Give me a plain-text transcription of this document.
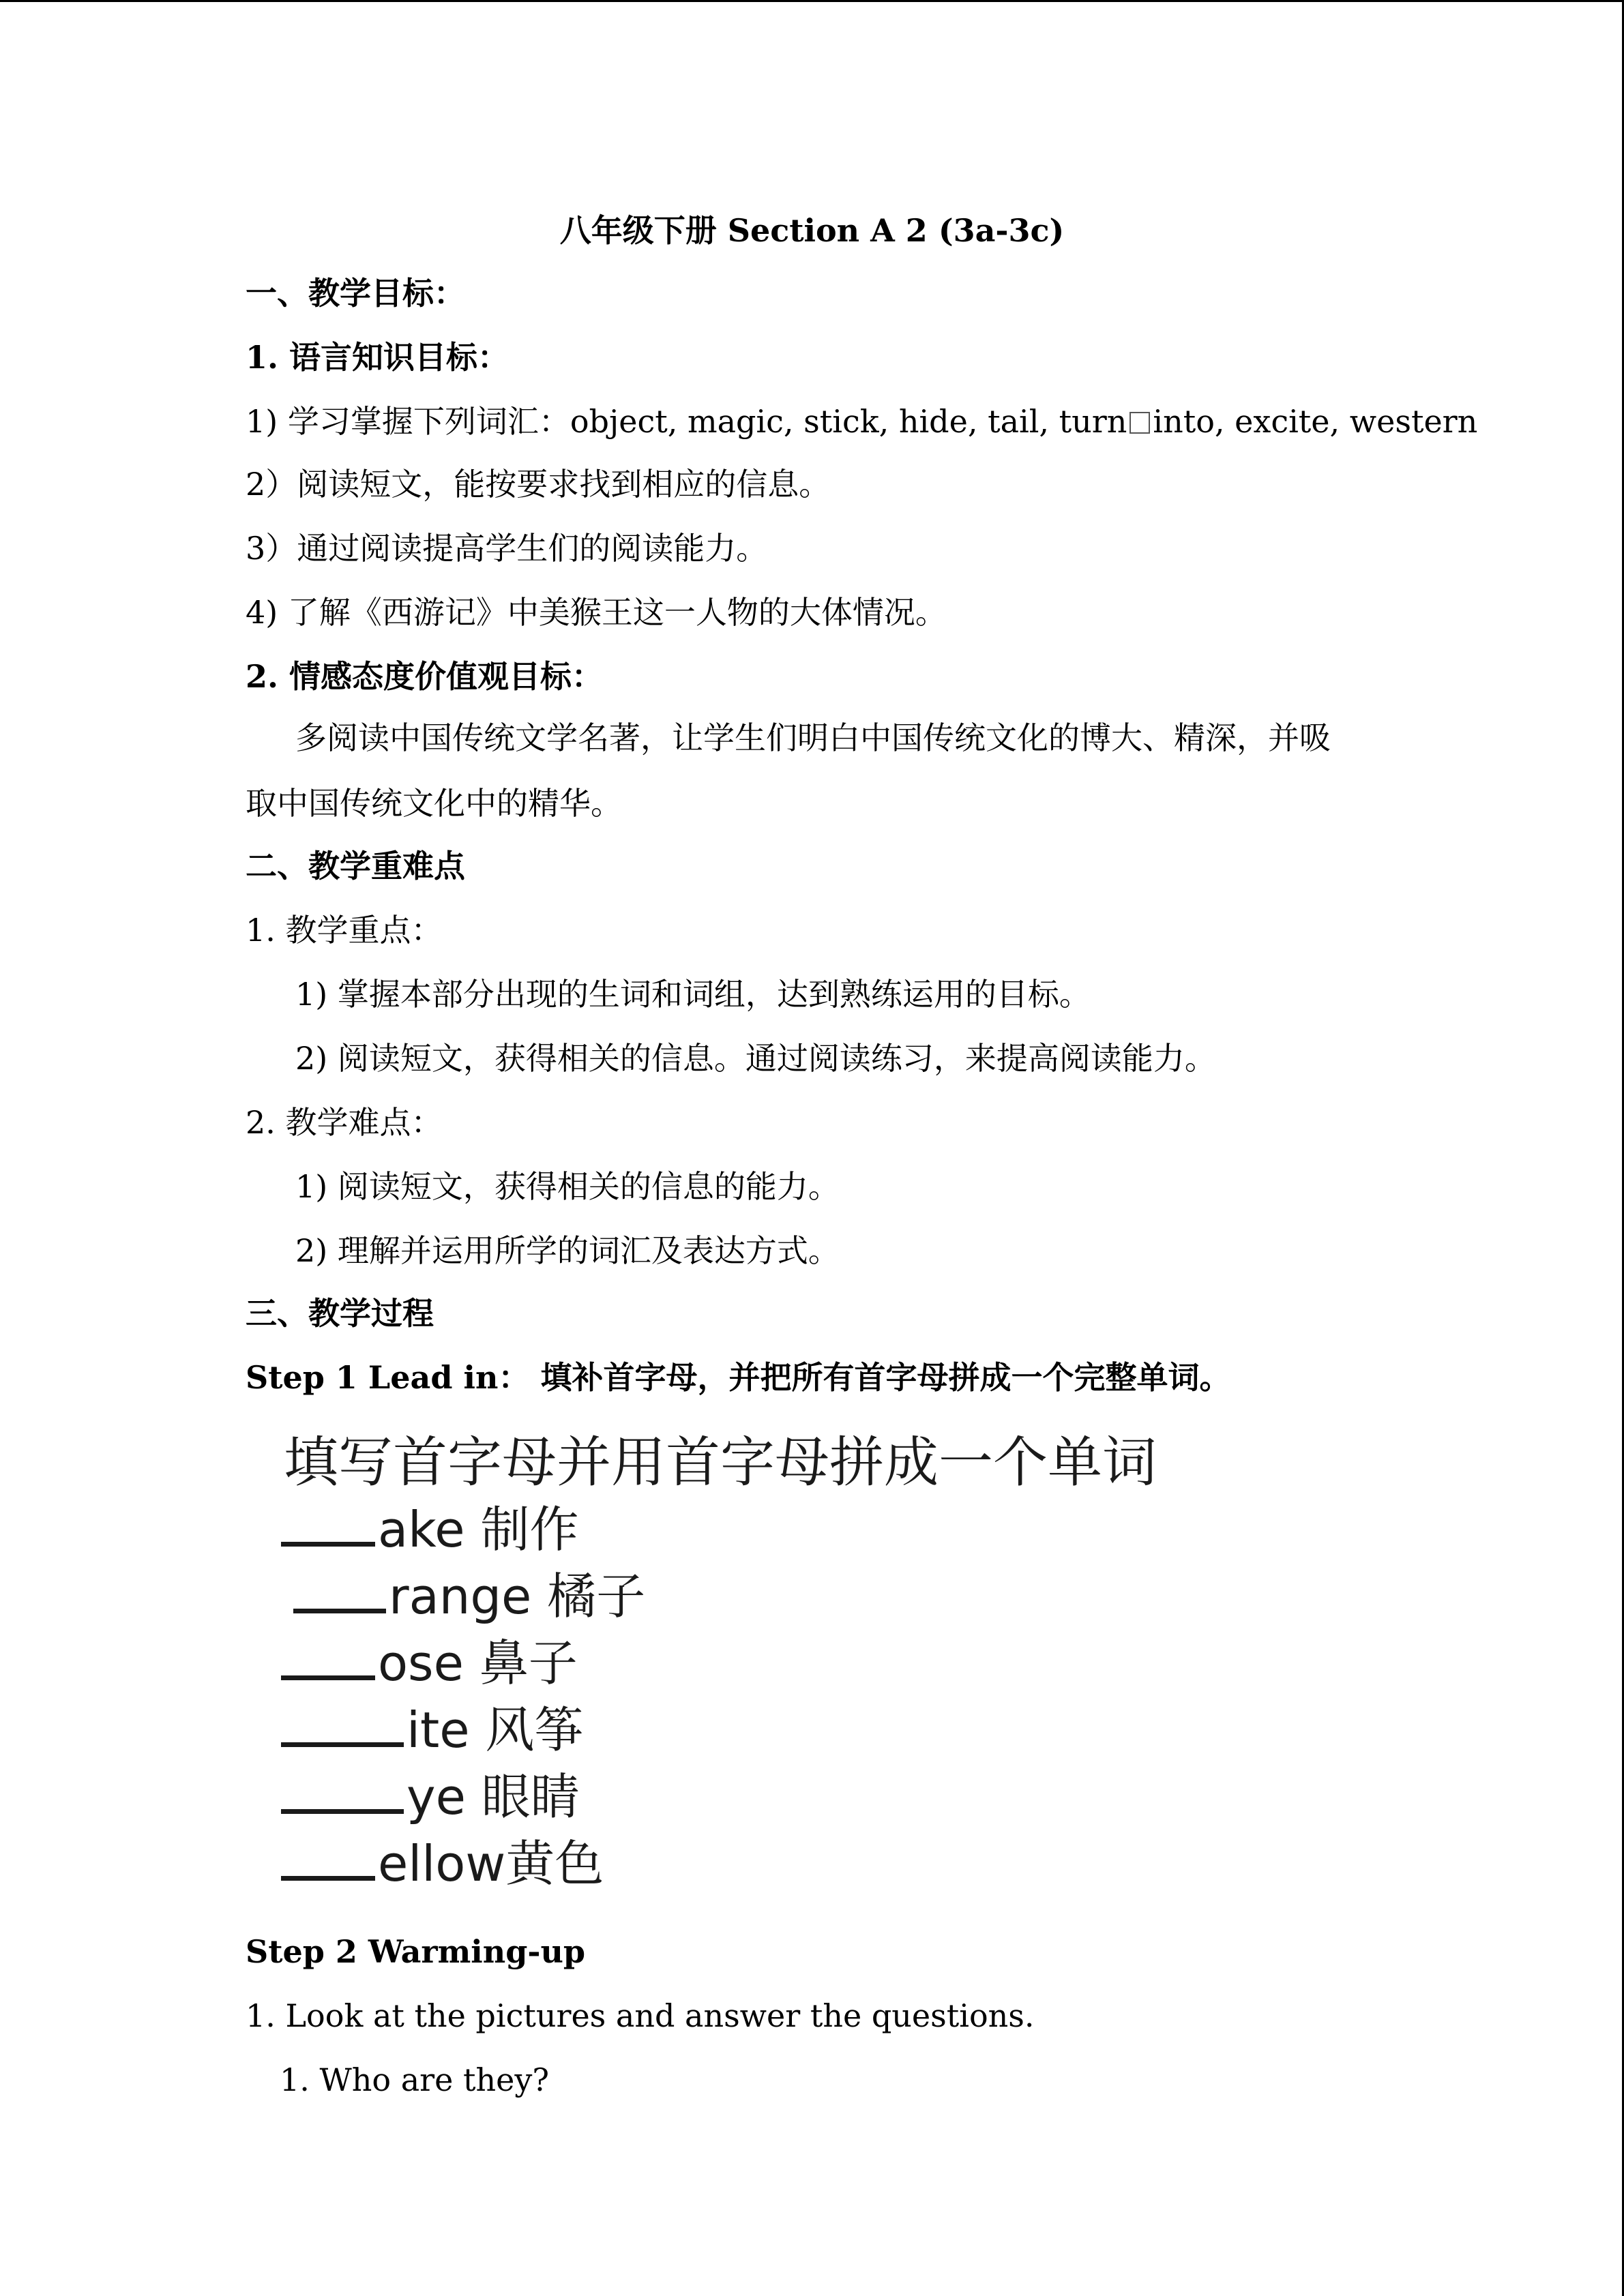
八年级下册 Section A 2 (3a-3c)
一、教学目标：
1. 语言知识目标：
1) 学习掌握下列词汇：object, magic, stick, hide, tail, turn into, excite, western
2）阅读短文，能按要求找到相应的信息。
3）通过阅读提高学生们的阅读能力。
4) 了解《西游记》中美猴王这一人物的大体情况。
2. 情感态度价值观目标：
多阅读中国传统文学名著，让学生们明白中国传统文化的博大、精深，并吸
取中国传统文化中的精华。
二、教学重难点
1. 教学重点：
1) 掌握本部分出现的生词和词组，达到熟练运用的目标。
2) 阅读短文，获得相关的信息。通过阅读练习，来提高阅读能力。
2. 教学难点：
1) 阅读短文，获得相关的信息的能力。
2) 理解并运用所学的词汇及表达方式。
三、教学过程
Step 1 Lead in： 填补首字母，并把所有首字母拼成一个完整单词。
填写首字母并用首字母拼成一个单词
ake 制作
range 橘子
ose 鼻子
ite 风筝
ye 眼睛
ellow黄色
Step 2 Warming-up
1. Look at the pictures and answer the questions.
1. Who are they?
